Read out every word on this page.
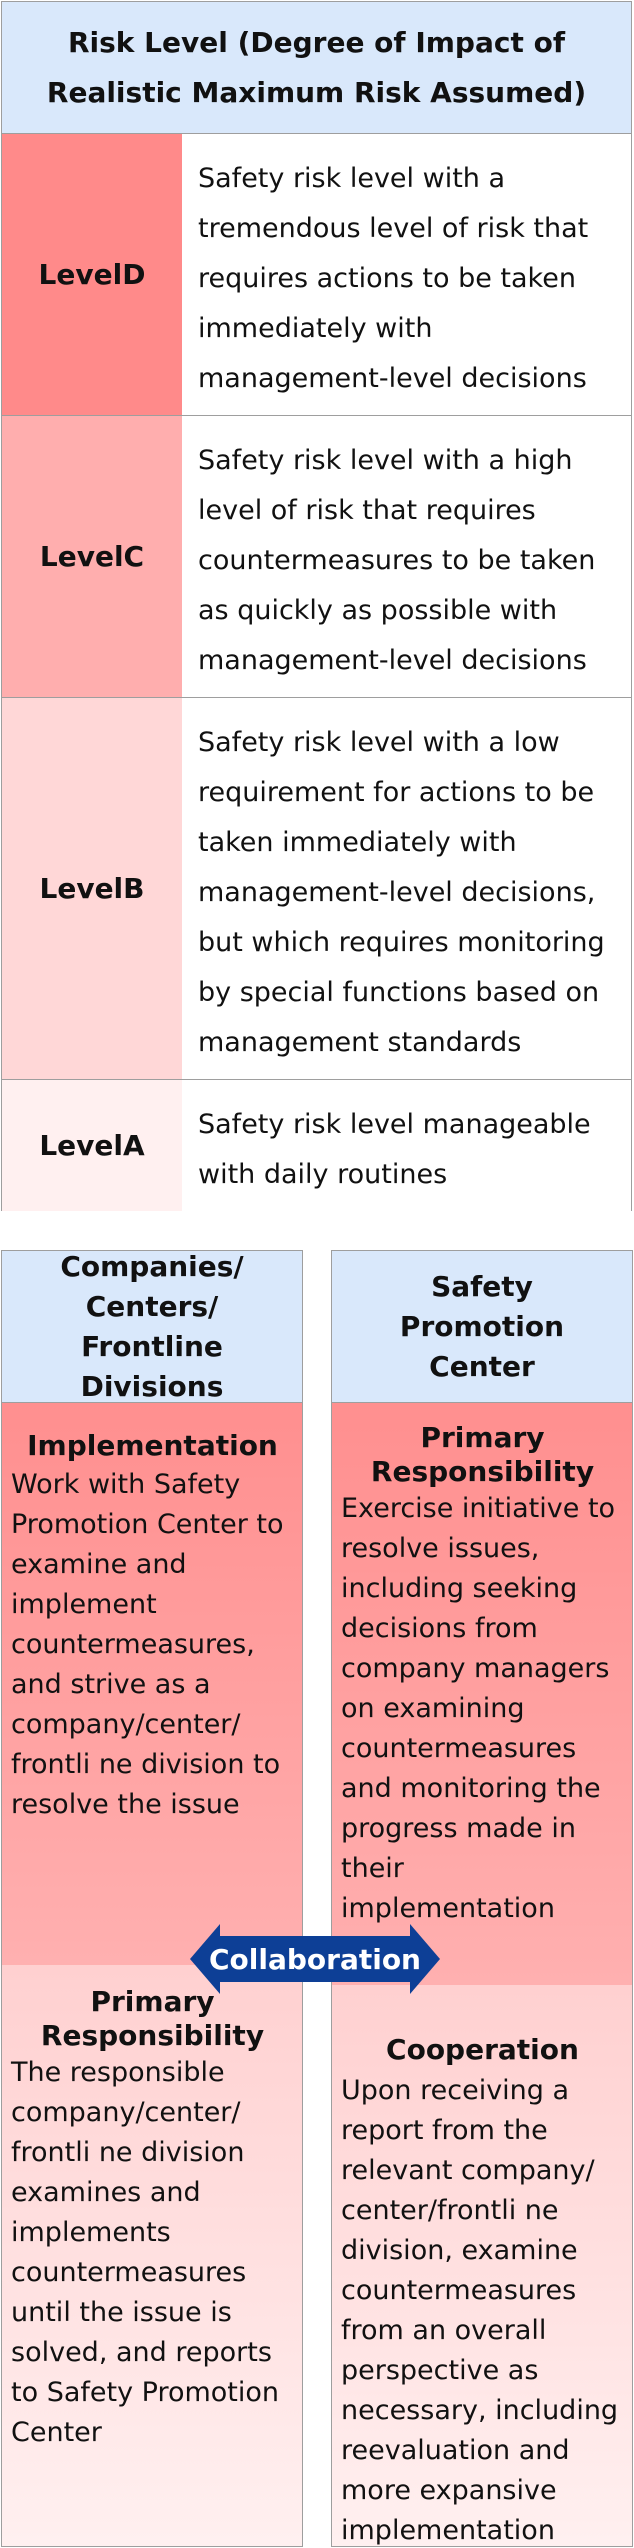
Risk Level (Degree of Impact of Realistic Maximum Risk Assumed)
LevelD
Safety risk level with a tremendous level of risk that requires actions to be taken immediately with management-level decisions
LevelC
Safety risk level with a high level of risk that requires countermeasures to be taken as quickly as possible with management-level decisions
LevelB
Safety risk level with a low requirement for actions to be taken immediately with management-level decisions, but which requires monitoring by special functions based on management standards
LevelA
Safety risk level manageable with daily routines
Companies/ Centers/ Frontline Divisions
Implementation
Work with Safety Promotion Center to examine and implement countermeasures, and strive as a company/center/ frontli ne division to resolve the issue
Primary Responsibility
The responsible company/center/ frontli ne division examines and implements countermeasures until the issue is solved, and reports to Safety Promotion Center
Safety Promotion Center
Primary Responsibility
Exercise initiative to resolve issues, including seeking decisions from company managers on examining countermeasures and monitoring the progress made in their implementation
Cooperation
Upon receiving a report from the relevant company/ center/frontli ne division, examine countermeasures from an overall perspective as necessary, including reevaluation and more expansive implementation
Collaboration
